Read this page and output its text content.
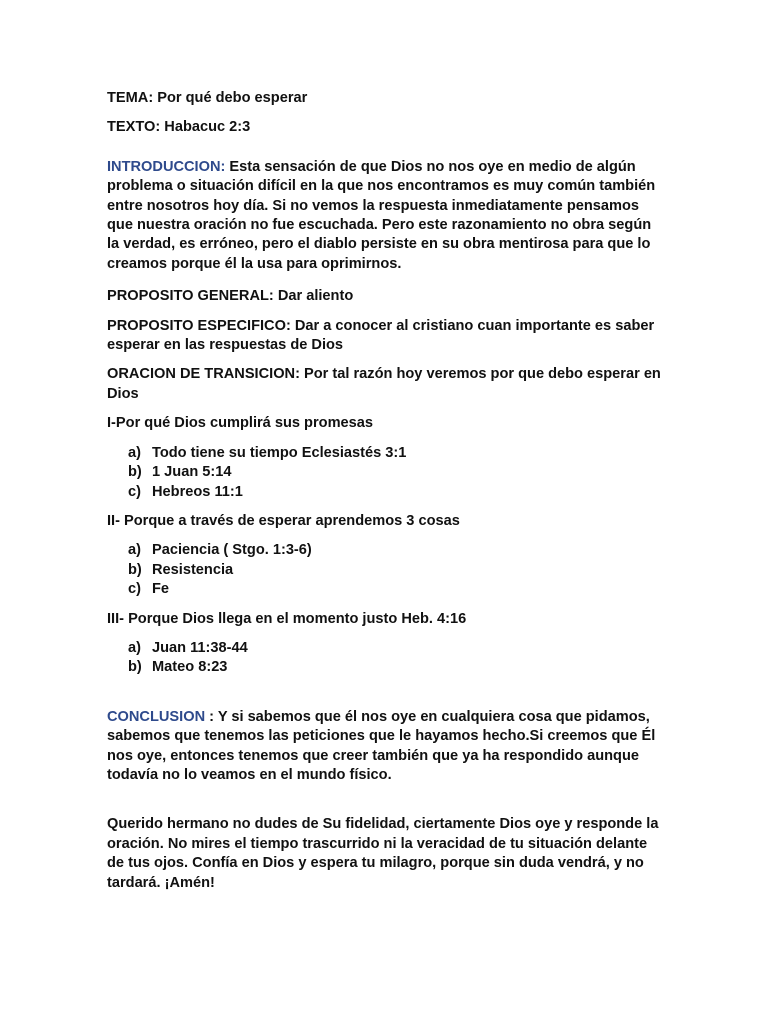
TEMA: Por qué debo esperar

TEXTO: Habacuc 2:3

INTRODUCCION: Esta sensación de que Dios no nos oye en medio de algún problema o situación difícil en la que nos encontramos es muy común también entre nosotros hoy día. Si no vemos la respuesta inmediatamente pensamos que nuestra oración no fue escuchada. Pero este razonamiento no obra según la verdad, es erróneo, pero el diablo persiste en su obra mentirosa para que lo creamos porque él la usa para oprimirnos.

PROPOSITO GENERAL: Dar aliento

PROPOSITO ESPECIFICO: Dar a conocer al cristiano cuan importante es saber esperar en las respuestas de Dios

ORACION DE TRANSICION: Por tal razón hoy veremos por que debo esperar en Dios

I-Por qué Dios cumplirá sus promesas

a) Todo tiene su tiempo Eclesiastés 3:1
b) 1 Juan 5:14
c) Hebreos 11:1

II- Porque a través de esperar aprendemos 3 cosas

a) Paciencia ( Stgo. 1:3-6)
b) Resistencia
c) Fe

III- Porque Dios llega en el momento justo Heb. 4:16

a) Juan 11:38-44
b) Mateo 8:23

CONCLUSION : Y si sabemos que él nos oye en cualquiera cosa que pidamos, sabemos que tenemos las peticiones que le hayamos hecho.Si creemos que Él nos oye, entonces tenemos que creer también que ya ha respondido aunque todavía no lo veamos en el mundo físico.

Querido hermano no dudes de Su fidelidad, ciertamente Dios oye y responde la oración. No mires el tiempo trascurrido ni la veracidad de tu situación delante de tus ojos. Confía en Dios y espera tu milagro, porque sin duda vendrá, y no tardará. ¡Amén!
